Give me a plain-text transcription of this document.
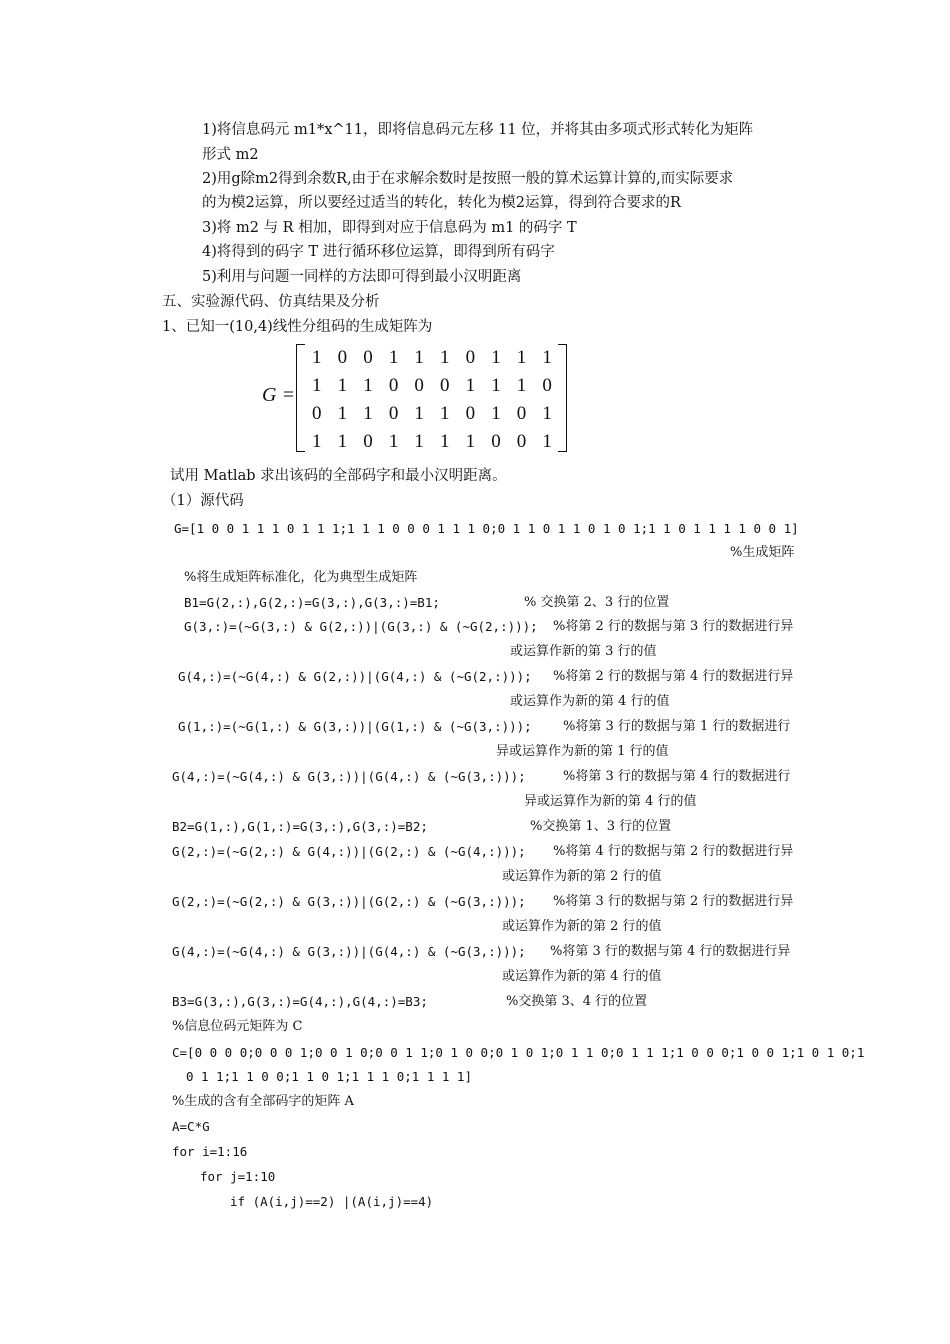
1)将信息码元 m1*x^11，即将信息码元左移 11 位，并将其由多项式形式转化为矩阵
形式 m2
2)用g除m2得到余数R,由于在求解余数时是按照一般的算术运算计算的,而实际要求
的为模2运算，所以要经过适当的转化，转化为模2运算，得到符合要求的R
3)将 m2 与 R 相加，即得到对应于信息码为 m1 的码字 T
4)将得到的码字 T 进行循环移位运算，即得到所有码字
5)利用与问题一同样的方法即可得到最小汉明距离
五、实验源代码、仿真结果及分析
1、已知一(10,4)线性分组码的生成矩阵为
G =
1 0 0 1 1 1 0 1 1 1
1 1 1 0 0 0 1 1 1 0
0 1 1 0 1 1 0 1 0 1
1 1 0 1 1 1 1 0 0 1
试用 Matlab 求出该码的全部码字和最小汉明距离。
（1）源代码
G=[1 0 0 1 1 1 0 1 1 1;1 1 1 0 0 0 1 1 1 0;0 1 1 0 1 1 0 1 0 1;1 1 0 1 1 1 1 0 0 1]
%生成矩阵
%将生成矩阵标准化，化为典型生成矩阵
B1=G(2,:),G(2,:)=G(3,:),G(3,:)=B1;	% 交换第 2、3 行的位置
G(3,:)=(~G(3,:) & G(2,:))|(G(3,:) & (~G(2,:))); %将第 2 行的数据与第 3 行的数据进行异
或运算作新的第 3 行的值
G(4,:)=(~G(4,:) & G(2,:))|(G(4,:) & (~G(2,:))); %将第 2 行的数据与第 4 行的数据进行异
或运算作为新的第 4 行的值
G(1,:)=(~G(1,:) & G(3,:))|(G(1,:) & (~G(3,:))); %将第 3 行的数据与第 1 行的数据进行
异或运算作为新的第 1 行的值
G(4,:)=(~G(4,:) & G(3,:))|(G(4,:) & (~G(3,:)));	%将第 3 行的数据与第 4 行的数据进行
异或运算作为新的第 4 行的值
B2=G(1,:),G(1,:)=G(3,:),G(3,:)=B2;	%交换第 1、3 行的位置
G(2,:)=(~G(2,:) & G(4,:))|(G(2,:) & (~G(4,:))); %将第 4 行的数据与第 2 行的数据进行异
或运算作为新的第 2 行的值
G(2,:)=(~G(2,:) & G(3,:))|(G(2,:) & (~G(3,:))); %将第 3 行的数据与第 2 行的数据进行异
或运算作为新的第 2 行的值
G(4,:)=(~G(4,:) & G(3,:))|(G(4,:) & (~G(3,:))); %将第 3 行的数据与第 4 行的数据进行异
或运算作为新的第 4 行的值
B3=G(3,:),G(3,:)=G(4,:),G(4,:)=B3;	%交换第 3、4 行的位置
%信息位码元矩阵为 C
C=[0 0 0 0;0 0 0 1;0 0 1 0;0 0 1 1;0 1 0 0;0 1 0 1;0 1 1 0;0 1 1 1;1 0 0 0;1 0 0 1;1 0 1 0;1
0 1 1;1 1 0 0;1 1 0 1;1 1 1 0;1 1 1 1]
%生成的含有全部码字的矩阵 A
A=C*G
for i=1:16
for j=1:10
if (A(i,j)==2) |(A(i,j)==4)
